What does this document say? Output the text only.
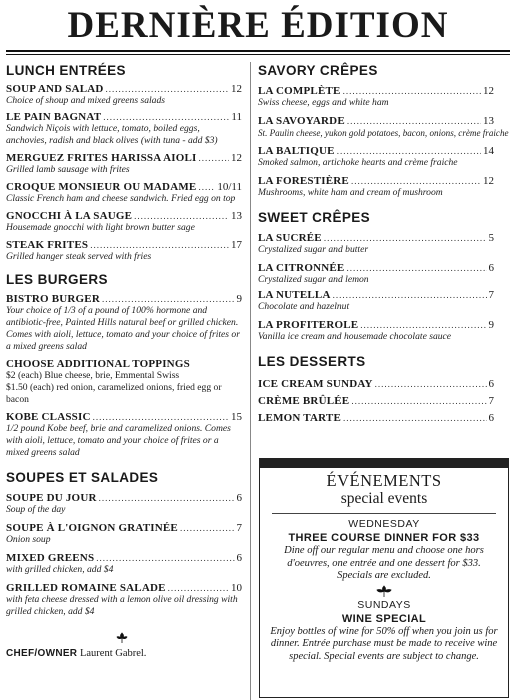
DERNIÈRE ÉDITION
LUNCH ENTRÉES
SOUP AND SALAD .....	12
Choice of shoup and mixed greens salads
LE PAIN BAGNAT .....	11
Sandwich Niçois with lettuce, tomato, boiled eggs, anchovies, radish and black olives (with tuna - add $3)
MERGUEZ FRITES HARISSA AIOLI .....	12
Grilled lamb sausage with frites
CROQUE MONSIEUR OU MADAME ..... 10/11
Classic French ham and cheese sandwich. Fried egg on top
GNOCCHI À LA SAUGE .....	13
Housemade gnocchi with light brown butter sage
STEAK FRITES .....	17
Grilled hanger steak served with fries
LES BURGERS
BISTRO BURGER .....	9
Your choice of 1/3 of a pound of 100% hormone and antibiotic-free, Painted Hills natural beef or grilled chicken. Comes with aioli, lettuce, tomato and your choice of frites or a mixed greens salad
CHOOSE ADDITIONAL TOPPINGS
$2 (each) Blue cheese, brie, Emmental Swiss
$1.50 (each) red onion, caramelized onions, fried egg or bacon
KOBE CLASSIC .....	15
1/2 pound Kobe beef, brie and caramelized onions. Comes with aioli, lettuce, tomato and your choice of frites or a mixed greens salad
SOUPES ET SALADES
SOUPE DU JOUR .....	6
Soup of the day
SOUPE À L'OIGNON GRATINÉE .....	7
Onion soup
MIXED GREENS .....	6
with grilled chicken, add $4
GRILLED ROMAINE SALADE .....	10
with feta cheese dressed with a lemon olive oil dressing with grilled chicken, add $4
CHEF/OWNER Laurent Gabrel.
SAVORY CRÊPES
LA COMPLÈTE .....	12
Swiss cheese, eggs and white ham
LA SAVOYARDE .....	13
St. Paulin cheese, yukon gold potatoes, bacon, onions, crème fraiche
LA BALTIQUE .....	14
Smoked salmon, artichoke hearts and crème fraiche
LA FORESTIÈRE .....	12
Mushrooms, white ham and cream of mushroom
SWEET CRÊPES
LA SUCRÉE .....	5
Crystalized sugar and butter
LA CITRONNÉE .....	6
Crystalized sugar and lemon
LA NUTELLA .....	7
Chocolate and hazelnut
LA PROFITEROLE .....	9
Vanilla ice cream and housemade chocolate sauce
LES DESSERTS
ICE CREAM SUNDAY .....	6
CRÈME BRÛLÉE .....	7
LEMON TARTE .....	6
ÉVÉNEMENTS
special events
WEDNESDAY
THREE COURSE DINNER FOR $33
Dine off our regular menu and choose one hors d'oeuvres, one entrée and one dessert for $33. Specials are excluded.
SUNDAYS
WINE SPECIAL
Enjoy bottles of wine for 50% off when you join us for dinner. Entrée purchase must be made to receive wine special. Special events are subject to change.
